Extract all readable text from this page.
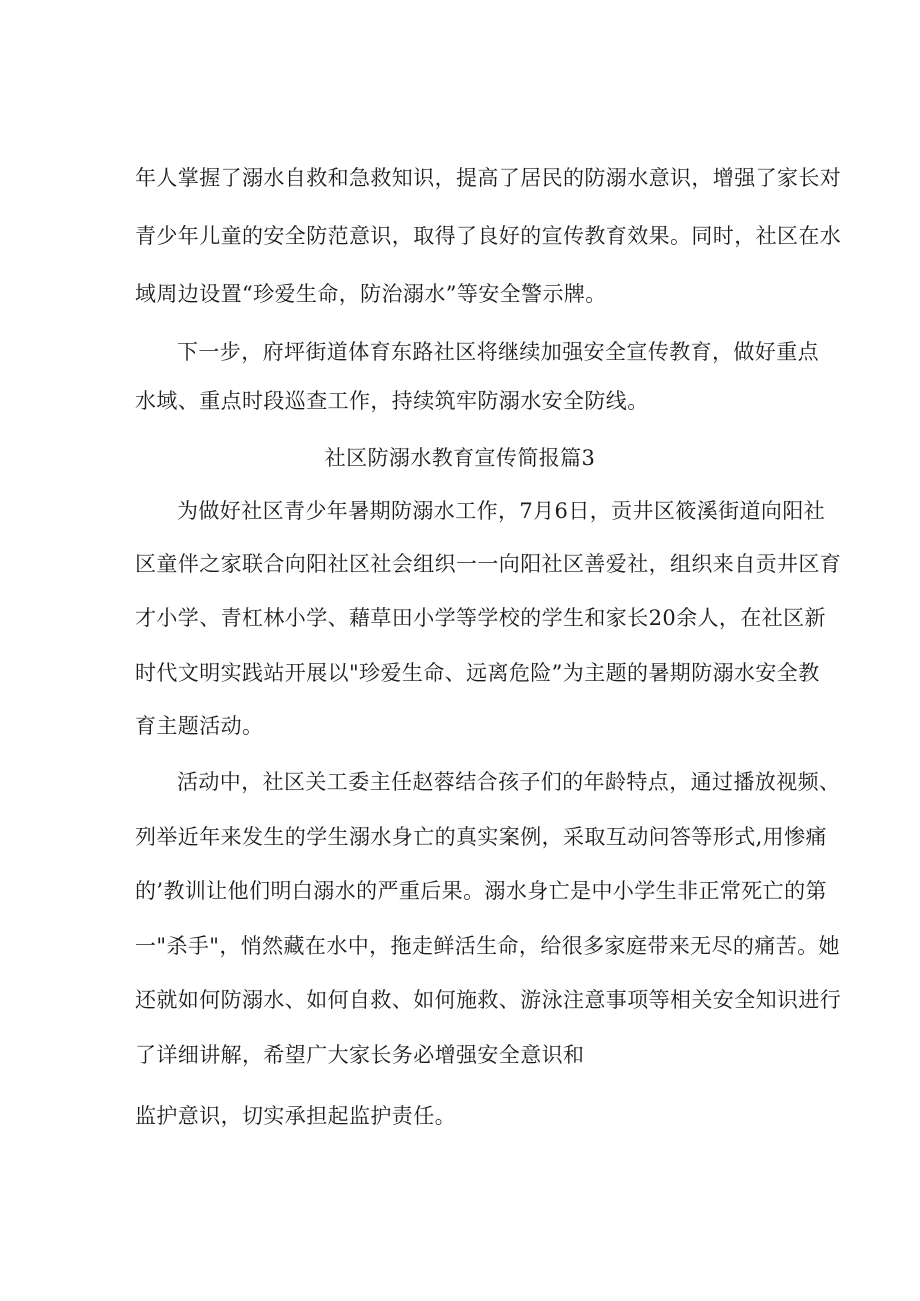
年人掌握了溺水自救和急救知识，提高了居民的防溺水意识，增强了家长对
青少年儿童的安全防范意识，取得了良好的宣传教育效果。同时，社区在水
域周边设置“珍爱生命，防治溺水”等安全警示牌。
下一步，府坪街道体育东路社区将继续加强安全宣传教育，做好重点
水域、重点时段巡查工作，持续筑牢防溺水安全防线。
社区防溺水教育宣传简报篇3
为做好社区青少年暑期防溺水工作，7月6日，贡井区筱溪街道向阳社
区童伴之家联合向阳社区社会组织一一向阳社区善爱社，组织来自贡井区育
才小学、青杠林小学、藉草田小学等学校的学生和家长20余人，在社区新
时代文明实践站开展以"珍爱生命、远离危险”为主题的暑期防溺水安全教
育主题活动。
活动中，社区关工委主任赵蓉结合孩子们的年龄特点，通过播放视频、
列举近年来发生的学生溺水身亡的真实案例，采取互动问答等形式,用惨痛
的’教训让他们明白溺水的严重后果。溺水身亡是中小学生非正常死亡的第
一"杀手"，悄然藏在水中，拖走鲜活生命，给很多家庭带来无尽的痛苦。她
还就如何防溺水、如何自救、如何施救、游泳注意事项等相关安全知识进行
了详细讲解，希望广大家长务必增强安全意识和
监护意识，切实承担起监护责任。
